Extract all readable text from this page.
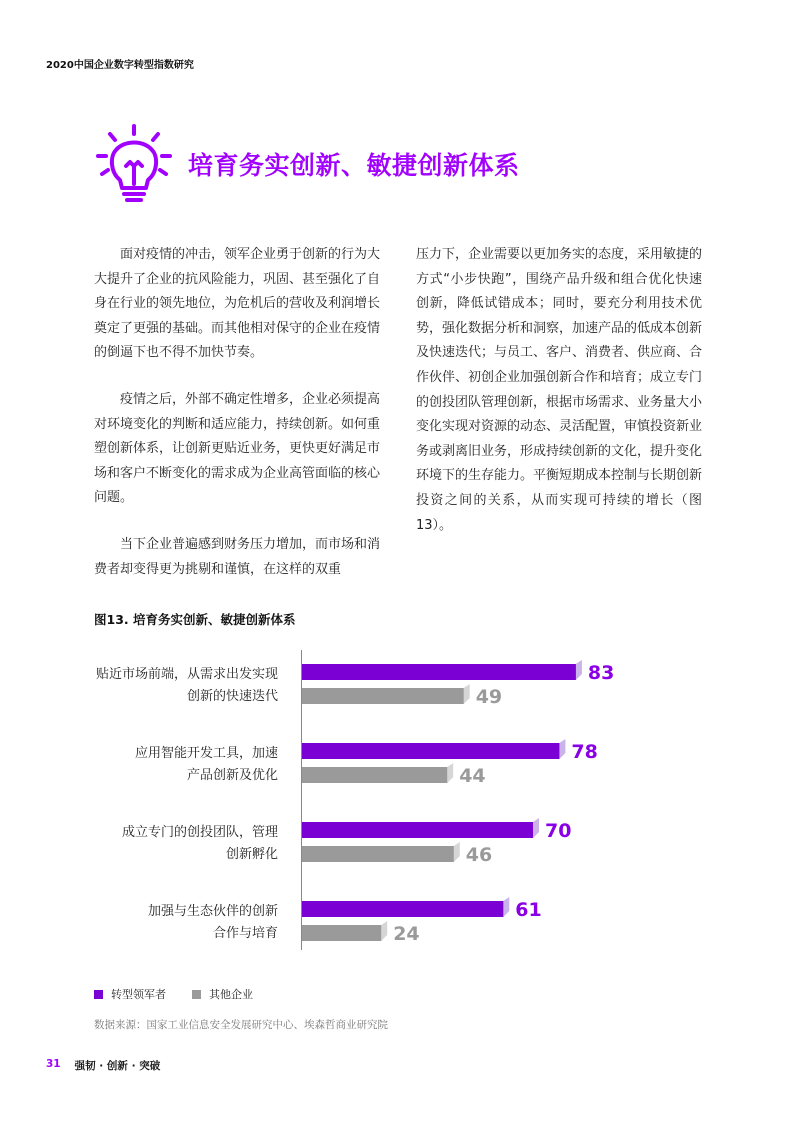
2020中国企业数字转型指数研究
培育务实创新、敏捷创新体系

面对疫情的冲击，领军企业勇于创新的行为大大提升了企业的抗风险能力，巩固、甚至强化了自身在行业的领先地位，为危机后的营收及利润增长奠定了更强的基础。而其他相对保守的企业在疫情的倒逼下也不得不加快节奏。

疫情之后，外部不确定性增多，企业必须提高对环境变化的判断和适应能力，持续创新。如何重塑创新体系，让创新更贴近业务，更快更好满足市场和客户不断变化的需求成为企业高管面临的核心问题。

当下企业普遍感到财务压力增加，而市场和消费者却变得更为挑剔和谨慎，在这样的双重

压力下，企业需要以更加务实的态度，采用敏捷的方式“小步快跑”，围绕产品升级和组合优化快速创新，降低试错成本；同时，要充分利用技术优势，强化数据分析和洞察，加速产品的低成本创新及快速迭代；与员工、客户、消费者、供应商、合作伙伴、初创企业加强创新合作和培育；成立专门的创投团队管理创新，根据市场需求、业务量大小变化实现对资源的动态、灵活配置，审慎投资新业务或剥离旧业务，形成持续创新的文化，提升变化环境下的生存能力。平衡短期成本控制与长期创新投资之间的关系，从而实现可持续的增长（图13）。

图13. 培育务实创新、敏捷创新体系
83
49
贴近市场前端，从需求出发实现
创新的快速迭代
78
44
应用智能开发工具，加速
产品创新及优化
70
46
成立专门的创投团队，管理
创新孵化
61
24
加强与生态伙伴的创新
合作与培育
转型领军者	其他企业
数据来源：国家工业信息安全发展研究中心、埃森哲商业研究院
31 强韧 · 创新 · 突破
